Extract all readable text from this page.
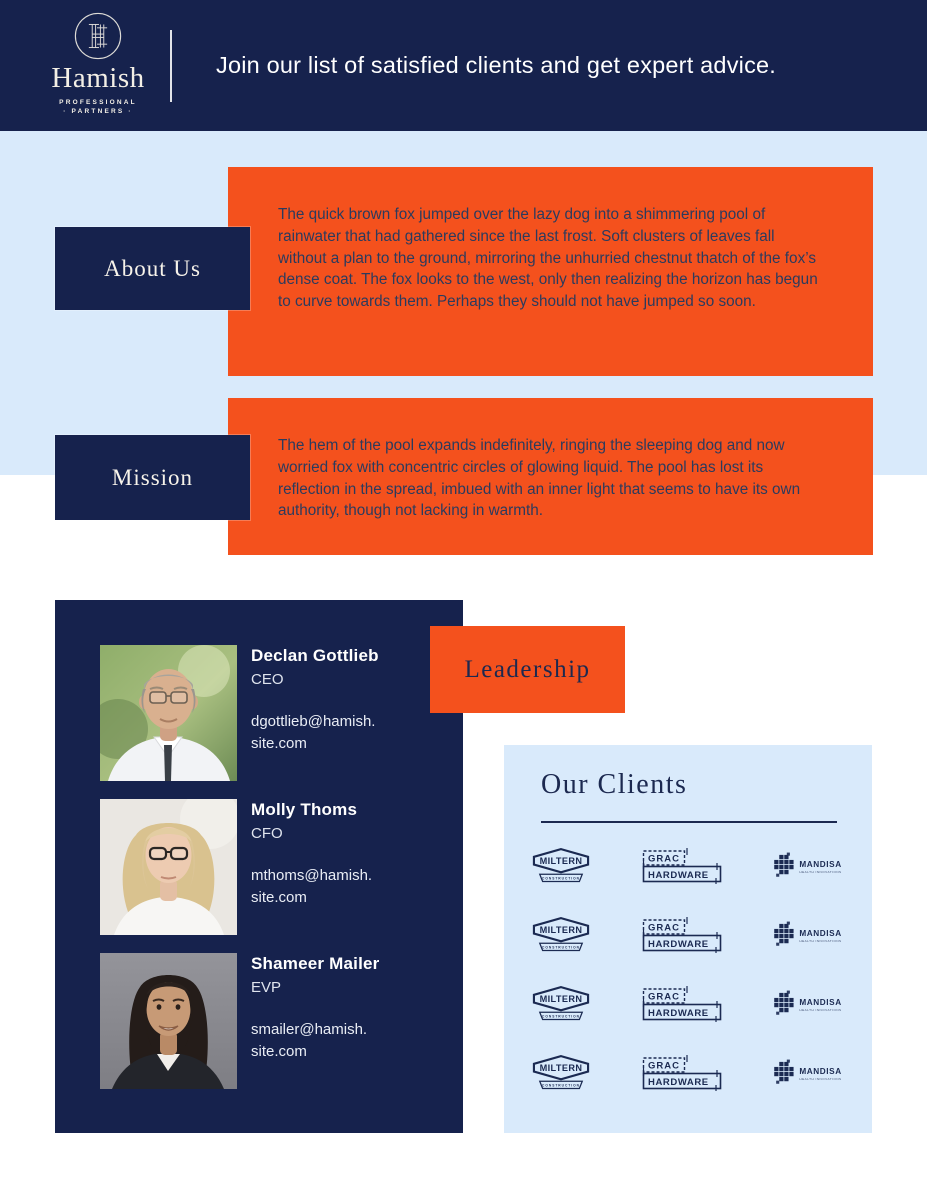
Hamish
PROFESSIONAL
· PARTNERS ·
Join our list of satisfied clients and get expert advice.
The quick brown fox jumped over the lazy dog into a shimmering pool of rainwater that had gathered since the last frost. Soft clusters of leaves fall without a plan to the ground, mirroring the unhurried chestnut thatch of the fox’s dense coat. The fox looks to the west, only then realizing the horizon has begun to curve towards them. Perhaps they should not have jumped so soon.
About Us
The hem of the pool expands indefinitely, ringing the sleeping dog and now worried fox with concentric circles of glowing liquid. The pool has lost its reflection in the spread, imbued with an inner light that seems to have its own authority, though not lacking in warmth.
Mission
Declan Gottlieb
CEO
dgottlieb@hamish.
site.com
Molly Thoms
CFO
mthoms@hamish.
site.com
Shameer Mailer
EVP
smailer@hamish.
site.com
Leadership
Our Clients
MILTERN
CONSTRUCTION
GRAC
HARDWARE
MANDISA
HEALTH INNOVATIONS
MILTERN
CONSTRUCTION
GRAC
HARDWARE
MANDISA
HEALTH INNOVATIONS
MILTERN
CONSTRUCTION
GRAC
HARDWARE
MANDISA
HEALTH INNOVATIONS
MILTERN
CONSTRUCTION
GRAC
HARDWARE
MANDISA
HEALTH INNOVATIONS
